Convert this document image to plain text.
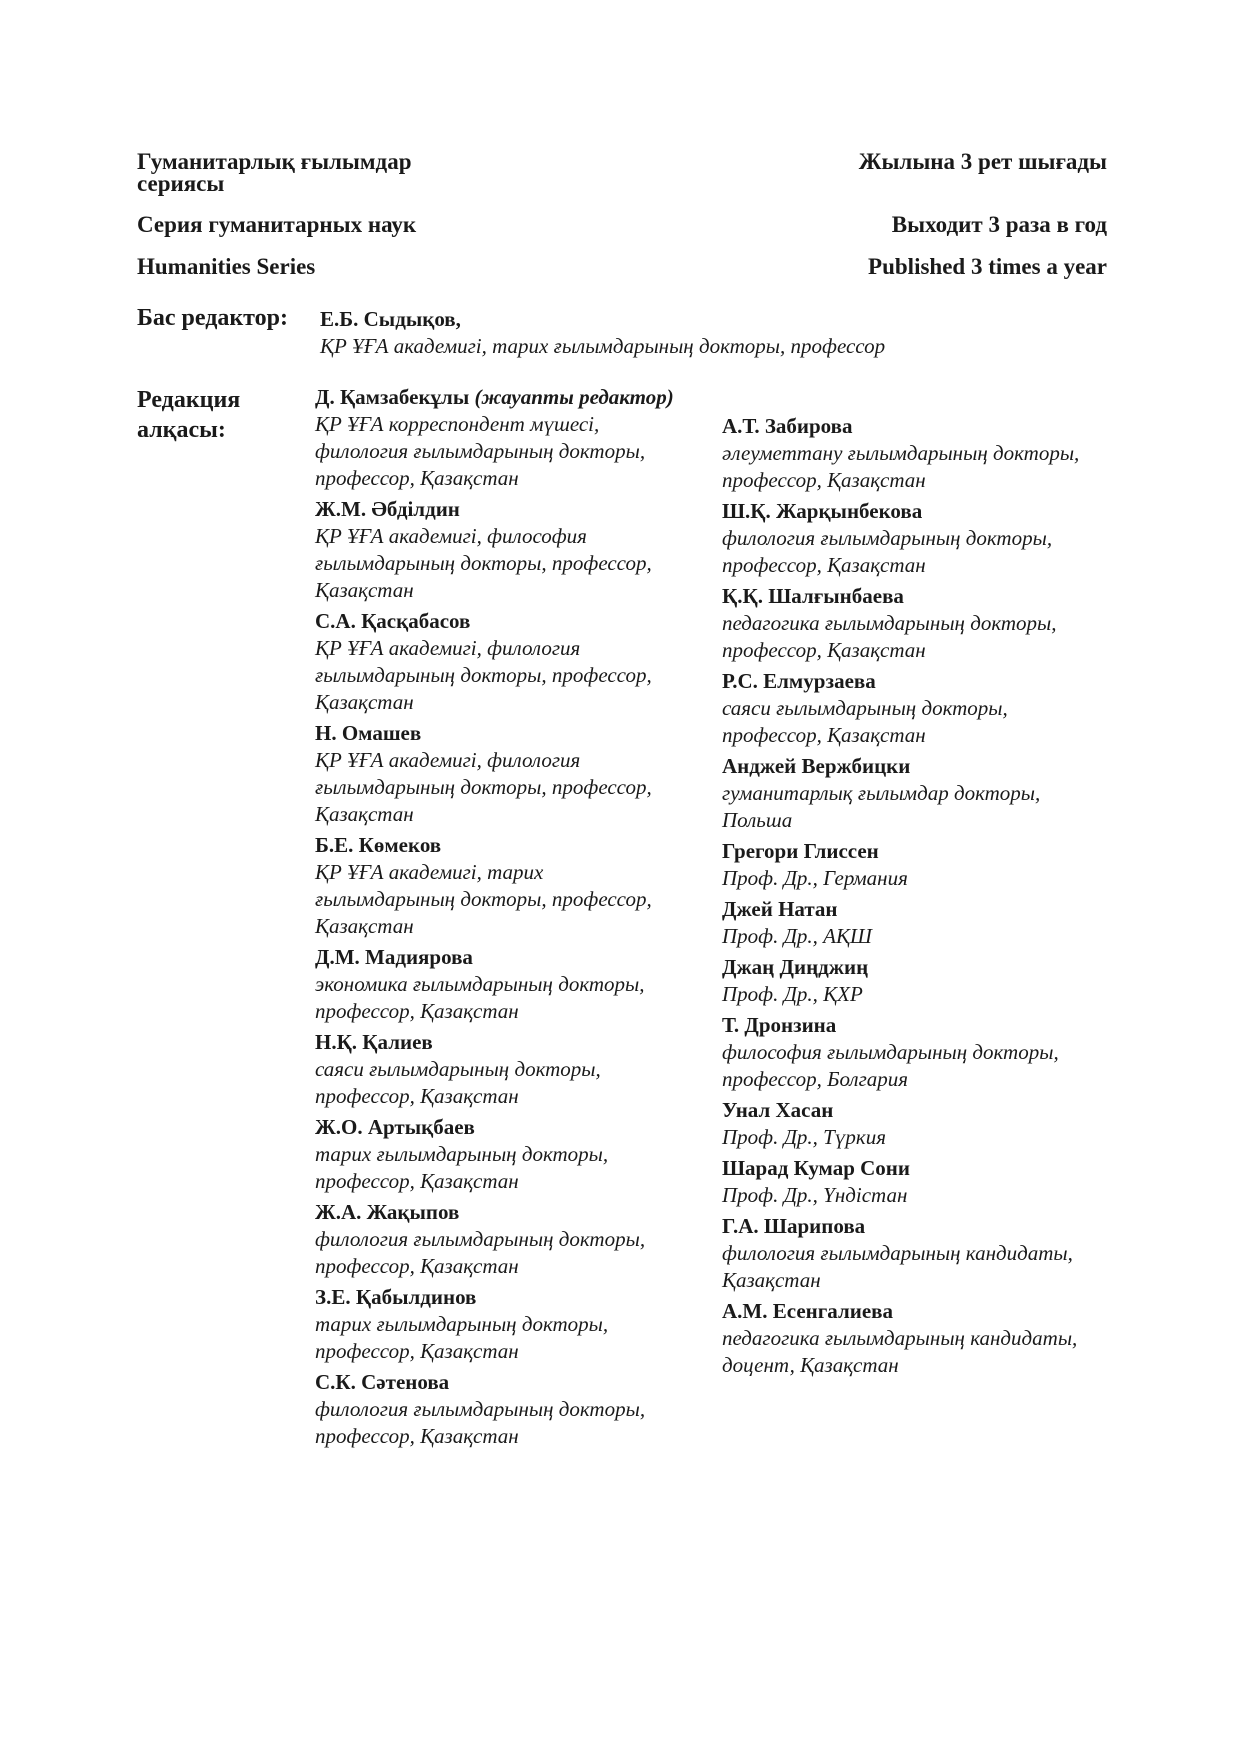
Гуманитарлық ғылымдар сериясы
Серия гуманитарных наук
Humanities Series
Жылына 3 рет шығады
Выходит 3 раза в год
Published 3 times a year
Бас редактор: Е.Б. Сыдықов,
ҚР ҰҒА академигі, тарих ғылымдарының докторы, профессор
Редакция алқасы:
Д. Қамзабекұлы (жауапты редактор)
ҚР ҰҒА корреспондент мүшесі, филология ғылымдарының докторы, профессор, Қазақстан
Ж.М. Әбділдин
ҚР ҰҒА академигі, философия ғылымдарының докторы, профессор, Қазақстан
С.А. Қасқабасов
ҚР ҰҒА академигі, филология ғылымдарының докторы, профессор, Қазақстан
Н. Омашев
ҚР ҰҒА академигі, филология ғылымдарының докторы, профессор, Қазақстан
Б.Е. Көмеков
ҚР ҰҒА академигі, тарих ғылымдарының докторы, профессор, Қазақстан
Д.М. Мадиярова
экономика ғылымдарының докторы, профессор, Қазақстан
Н.Қ. Қалиев
саяси ғылымдарының докторы, профессор, Қазақстан
Ж.О. Артықбаев
тарих ғылымдарының докторы, профессор, Қазақстан
Ж.А. Жақыпов
филология ғылымдарының докторы, профессор, Қазақстан
З.Е. Қабылдинов
тарих ғылымдарының докторы, профессор, Қазақстан
С.К. Сәтенова
филология ғылымдарының докторы, профессор, Қазақстан
А.Т. Забирова
әлеуметтану ғылымдарының докторы, профессор, Қазақстан
Ш.Қ. Жарқынбекова
филология ғылымдарының докторы, профессор, Қазақстан
Қ.Қ. Шалғынбаева
педагогика ғылымдарының докторы, профессор, Қазақстан
Р.С. Елмурзаева
саяси ғылымдарының докторы, профессор, Қазақстан
Анджей Вержбицки
гуманитарлық ғылымдар докторы, Польша
Грегори Глиссен
Проф. Др., Германия
Джей Натан
Проф. Др., АҚШ
Джаң Диңджиң
Проф. Др., ҚХР
Т. Дронзина
философия ғылымдарының докторы, профессор, Болгария
Унал Хасан
Проф. Др., Түркия
Шарад Кумар Сони
Проф. Др., Үндістан
Г.А. Шарипова
филология ғылымдарының кандидаты, Қазақстан
А.М. Есенгалиева
педагогика ғылымдарының кандидаты, доцент, Қазақстан
